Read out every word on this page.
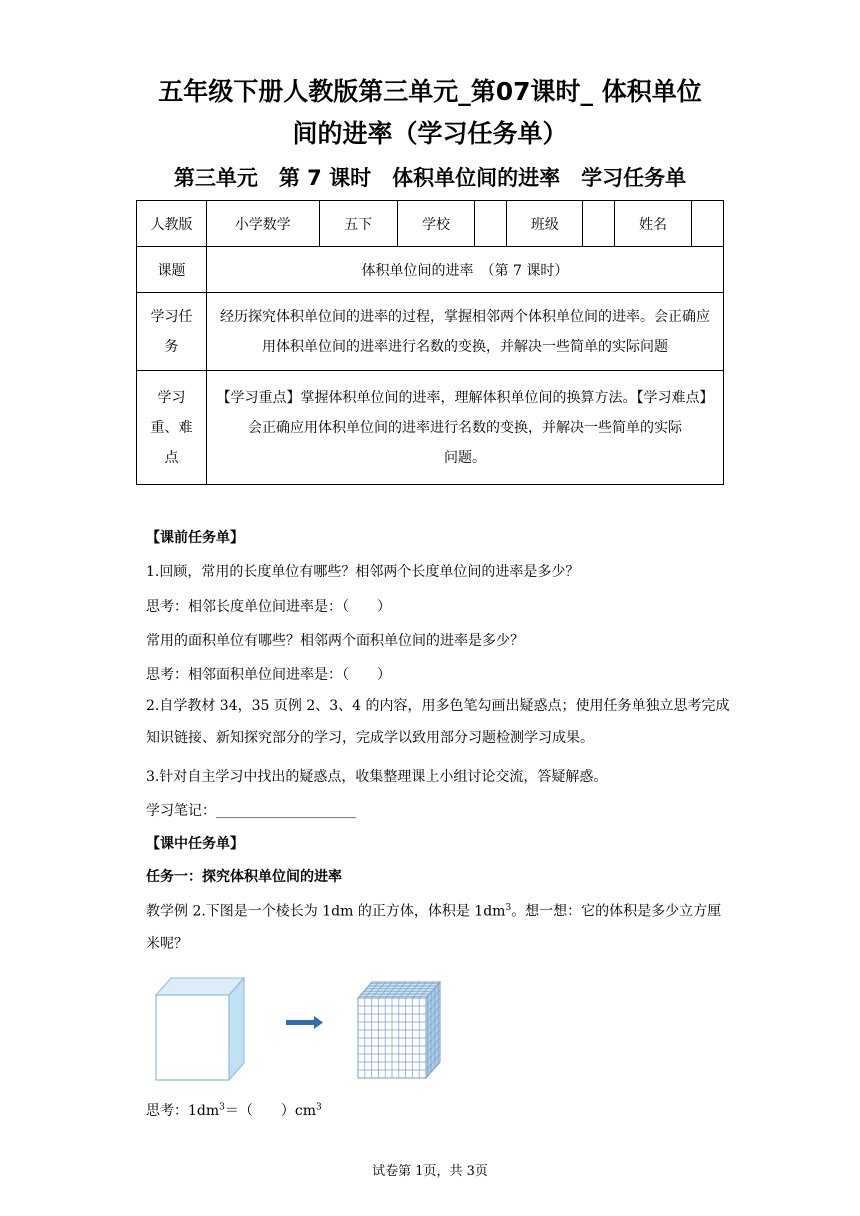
五年级下册人教版第三单元_第07课时_ 体积单位
间的进率（学习任务单）
第三单元　第 7 课时　体积单位间的进率　学习任务单
人教版	小学数学	五下	学校		班级		姓名	
课题	体积单位间的进率　（第 7 课时）							

学习任
务	经历探究体积单位间的进率的过程，掌握相邻两个体积单位间的进率。会正确应用体积单位间的进率进行名数的变换，并解决一些简单的实际问题							

学习
重、难
点	【学习重点】掌握体积单位间的进率，理解体积单位间的换算方法。【学习难点】会正确应用体积单位间的进率进行名数的变换，并解决一些简单的实际
问题。							
【课前任务单】
1.回顾，常用的长度单位有哪些？相邻两个长度单位间的进率是多少？
思考：相邻长度单位间进率是：（　　）
常用的面积单位有哪些？相邻两个面积单位间的进率是多少？
思考：相邻面积单位间进率是：（　　）
2.自学教材 34，35 页例 2、3、4 的内容，用多色笔勾画出疑惑点；使用任务单独立思考完成知识链接、新知探究部分的学习，完成学以致用部分习题检测学习成果。
3.针对自主学习中找出的疑惑点，收集整理课上小组讨论交流，答疑解惑。
学习笔记：____________________
【课中任务单】
任务一：探究体积单位间的进率
教学例 2.下图是一个棱长为 1dm 的正方体，体积是 $1dm^3$。想一想：它的体积是多少立方厘米呢？
思考：$1dm^3=$（　　）$cm^3$
试卷第 1页，共 3页
